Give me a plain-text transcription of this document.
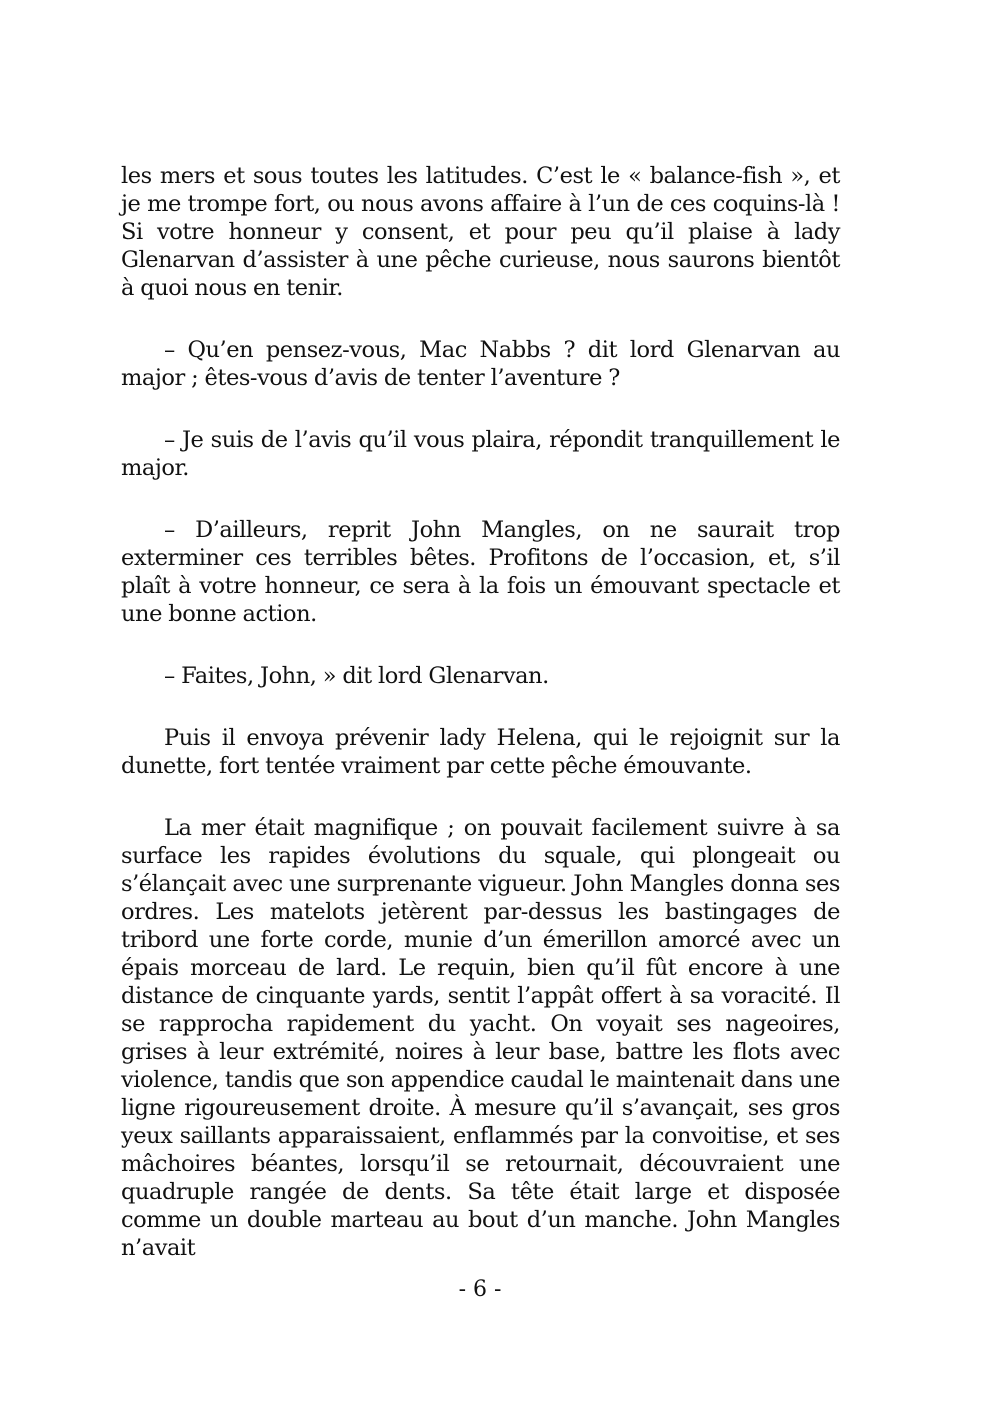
les mers et sous toutes les latitudes. C’est le « balance-fish », et je me trompe fort, ou nous avons affaire à l’un de ces coquins-là ! Si votre honneur y consent, et pour peu qu’il plaise à lady Glenarvan d’assister à une pêche curieuse, nous saurons bientôt à quoi nous en tenir.

– Qu’en pensez-vous, Mac Nabbs ? dit lord Glenarvan au major ; êtes-vous d’avis de tenter l’aventure ?

– Je suis de l’avis qu’il vous plaira, répondit tranquillement le major.

– D’ailleurs, reprit John Mangles, on ne saurait trop exterminer ces terribles bêtes. Profitons de l’occasion, et, s’il plaît à votre honneur, ce sera à la fois un émouvant spectacle et une bonne action.

– Faites, John, » dit lord Glenarvan.

Puis il envoya prévenir lady Helena, qui le rejoignit sur la dunette, fort tentée vraiment par cette pêche émouvante.

La mer était magnifique ; on pouvait facilement suivre à sa surface les rapides évolutions du squale, qui plongeait ou s’élançait avec une surprenante vigueur. John Mangles donna ses ordres. Les matelots jetèrent par-dessus les bastingages de tribord une forte corde, munie d’un émerillon amorcé avec un épais morceau de lard. Le requin, bien qu’il fût encore à une distance de cinquante yards, sentit l’appât offert à sa voracité. Il se rapprocha rapidement du yacht. On voyait ses nageoires, grises à leur extrémité, noires à leur base, battre les flots avec violence, tandis que son appendice caudal le maintenait dans une ligne rigoureusement droite. À mesure qu’il s’avançait, ses gros yeux saillants apparaissaient, enflammés par la convoitise, et ses mâchoires béantes, lorsqu’il se retournait, découvraient une quadruple rangée de dents. Sa tête était large et disposée comme un double marteau au bout d’un manche. John Mangles n’avait

- 6 -
